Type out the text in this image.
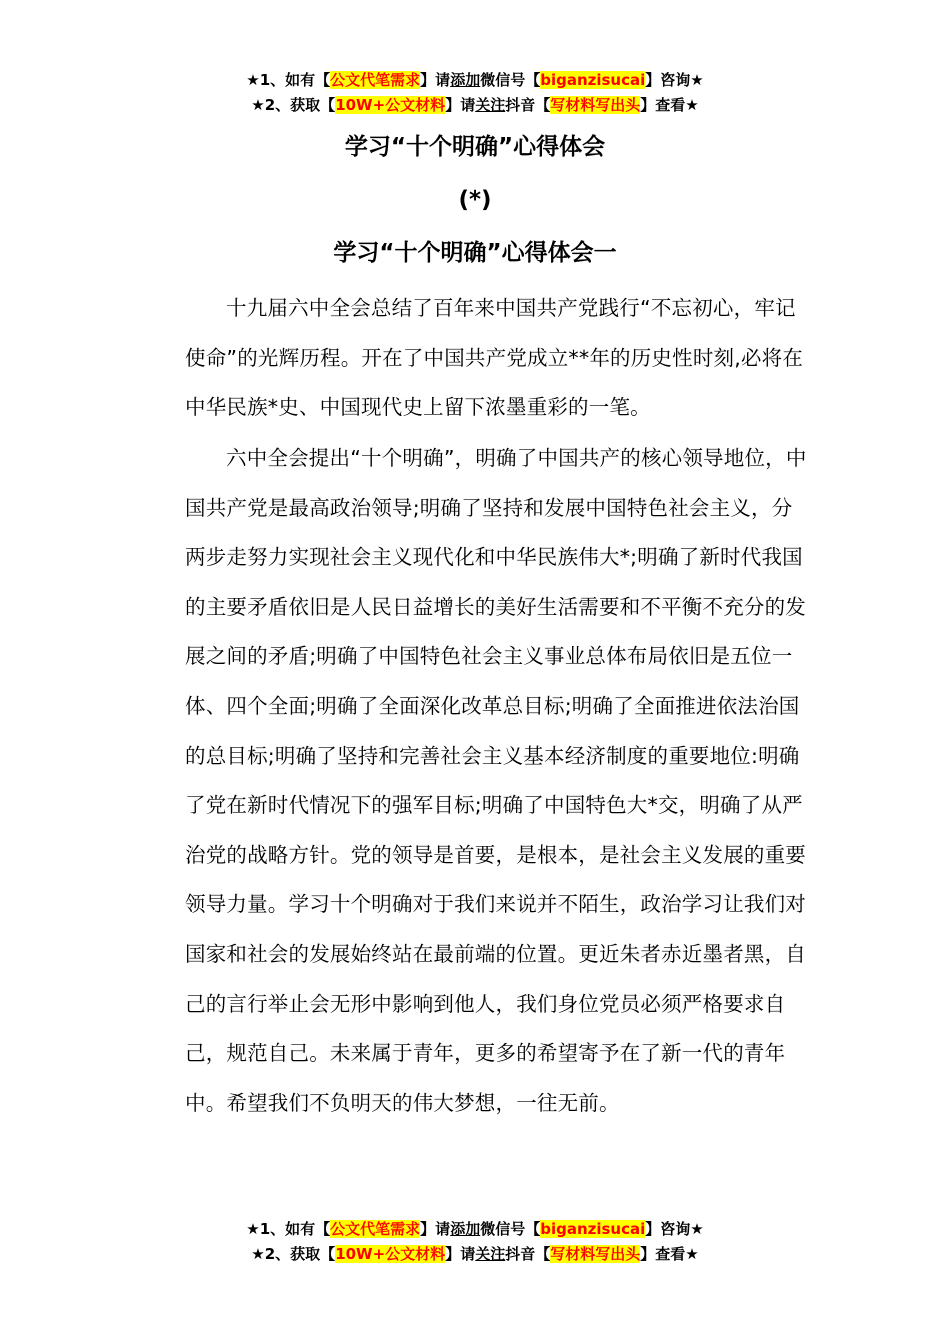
★1、如有【公文代笔需求】请添加微信号【biganzisucai】咨询★
★2、获取【10W+公文材料】请关注抖音【写材料写出头】查看★
学习“十个明确”心得体会
(*)
学习“十个明确”心得体会一

十九届六中全会总结了百年来中国共产党践行“不忘初心，牢记使命”的光辉历程。开在了中国共产党成立**年的历史性时刻,必将在中华民族*史、中国现代史上留下浓墨重彩的一笔。

六中全会提出“十个明确”，明确了中国共产的核心领导地位，中国共产党是最高政治领导;明确了坚持和发展中国特色社会主义，分两步走努力实现社会主义现代化和中华民族伟大*;明确了新时代我国的主要矛盾依旧是人民日益增长的美好生活需要和不平衡不充分的发展之间的矛盾;明确了中国特色社会主义事业总体布局依旧是五位一体、四个全面;明确了全面深化改革总目标;明确了全面推进依法治国的总目标;明确了坚持和完善社会主义基本经济制度的重要地位:明确了党在新时代情况下的强军目标;明确了中国特色大*交，明确了从严治党的战略方针。党的领导是首要，是根本，是社会主义发展的重要领导力量。学习十个明确对于我们来说并不陌生，政治学习让我们对国家和社会的发展始终站在最前端的位置。更近朱者赤近墨者黑，自己的言行举止会无形中影响到他人，我们身位党员必须严格要求自己，规范自己。未来属于青年，更多的希望寄予在了新一代的青年中。希望我们不负明天的伟大梦想，一往无前。

★1、如有【公文代笔需求】请添加微信号【biganzisucai】咨询★
★2、获取【10W+公文材料】请关注抖音【写材料写出头】查看★
